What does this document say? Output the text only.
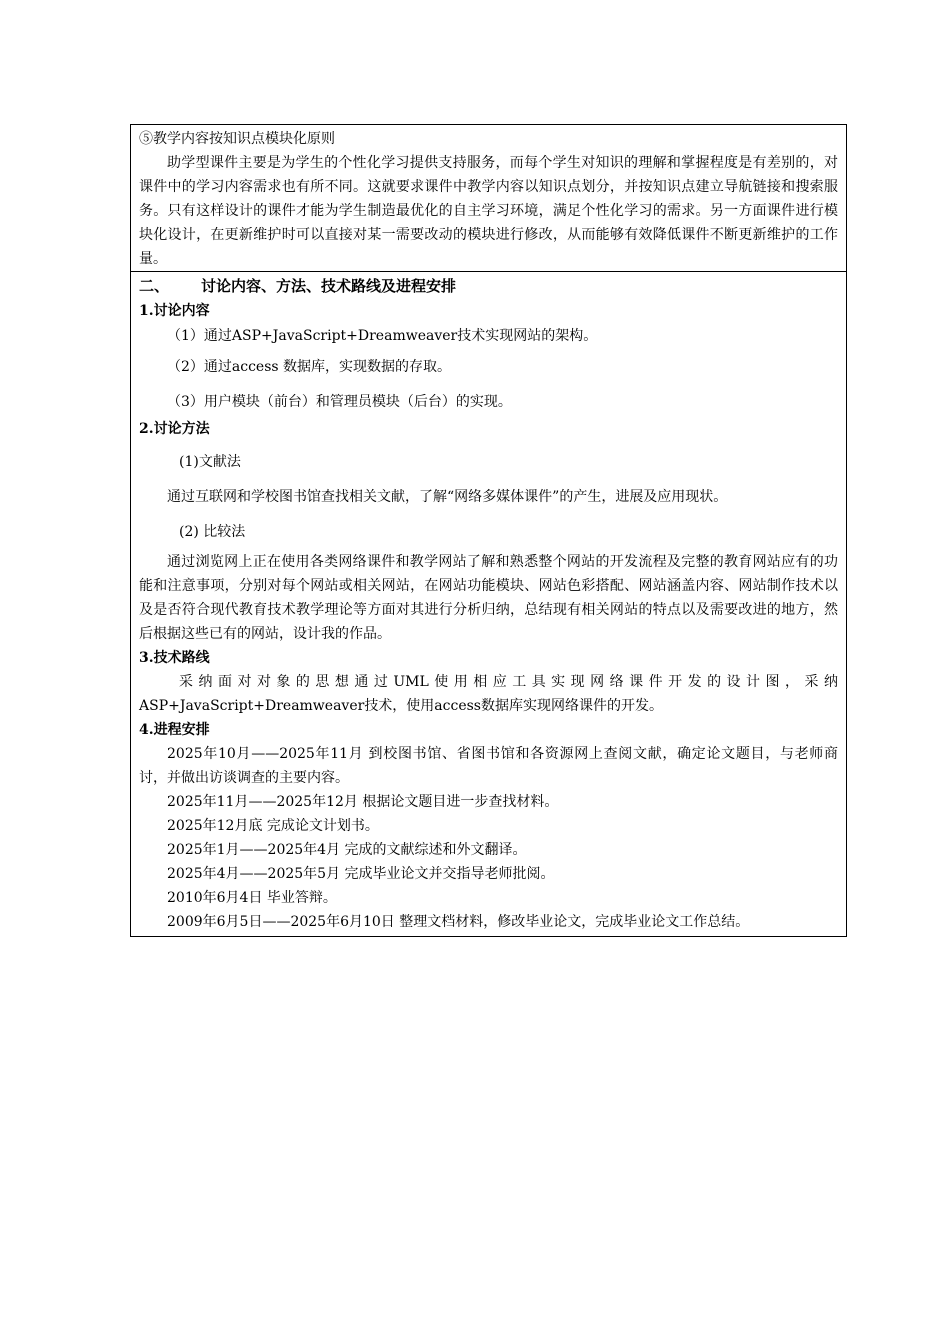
⑤教学内容按知识点模块化原则

助学型课件主要是为学生的个性化学习提供支持服务，而每个学生对知识的理解和掌握程度是有差别的，对课件中的学习内容需求也有所不同。这就要求课件中教学内容以知识点划分，并按知识点建立导航链接和搜索服务。只有这样设计的课件才能为学生制造最优化的自主学习环境，满足个性化学习的需求。另一方面课件进行模块化设计，在更新维护时可以直接对某一需要改动的模块进行修改，从而能够有效降低课件不断更新维护的工作量。

二、 讨论内容、方法、技术路线及进程安排

1.讨论内容

（1）通过ASP+JavaScript+Dreamweaver技术实现网站的架构。

（2）通过access 数据库，实现数据的存取。

（3）用户模块（前台）和管理员模块（后台）的实现。

2.讨论方法

(1)文献法

通过互联网和学校图书馆查找相关文献，了解“网络多媒体课件”的产生，进展及应用现状。

(2) 比较法

通过浏览网上正在使用各类网络课件和教学网站了解和熟悉整个网站的开发流程及完整的教育网站应有的功能和注意事项，分别对每个网站或相关网站，在网站功能模块、网站色彩搭配、网站涵盖内容、网站制作技术以及是否符合现代教育技术教学理论等方面对其进行分析归纳，总结现有相关网站的特点以及需要改进的地方，然后根据这些已有的网站，设计我的作品。

3.技术路线

采纳面对对象的思想通过UML使用相应工具实现网络课件开发的设计图，采纳ASP+JavaScript+Dreamweaver技术，使用access数据库实现网络课件的开发。

4.进程安排

2025年10月——2025年11月 到校图书馆、省图书馆和各资源网上查阅文献，确定论文题目，与老师商讨，并做出访谈调查的主要内容。

2025年11月——2025年12月 根据论文题目进一步查找材料。

2025年12月底 完成论文计划书。

2025年1月——2025年4月 完成的文献综述和外文翻译。

2025年4月——2025年5月 完成毕业论文并交指导老师批阅。

2010年6月4日 毕业答辩。

2009年6月5日——2025年6月10日 整理文档材料，修改毕业论文，完成毕业论文工作总结。
